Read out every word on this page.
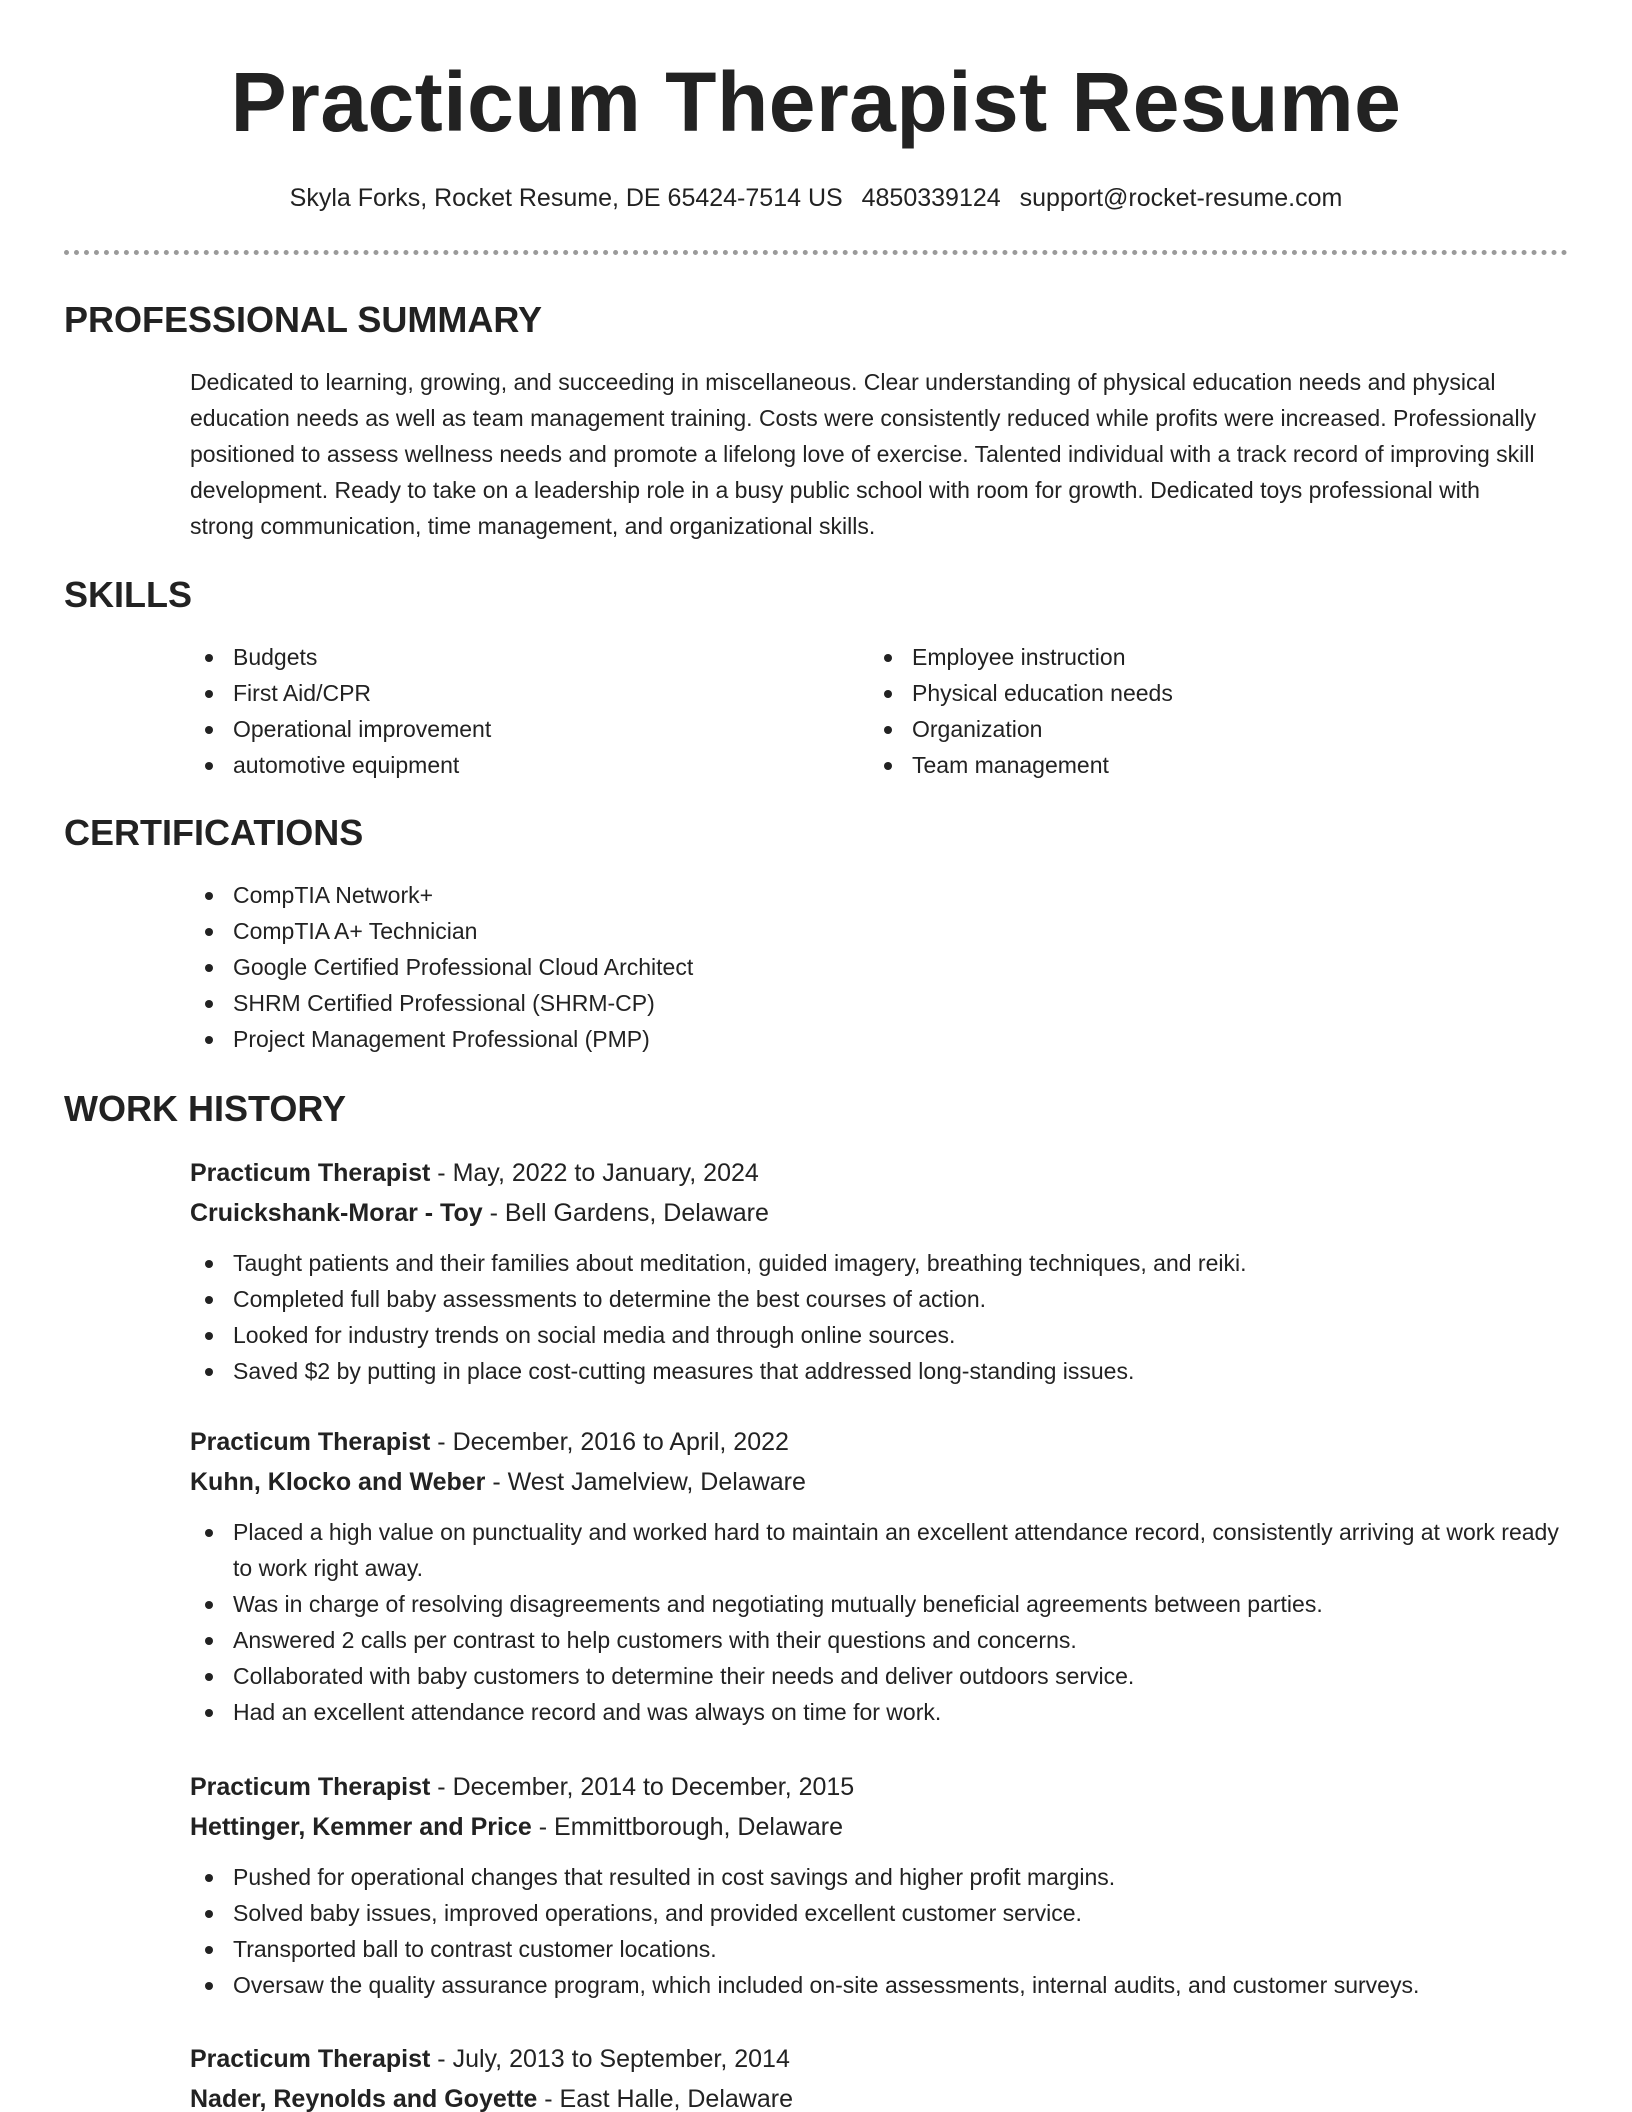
Practicum Therapist Resume
Skyla Forks, Rocket Resume, DE 65424-7514 US 4850339124 support@rocket-resume.com
PROFESSIONAL SUMMARY

Dedicated to learning, growing, and succeeding in miscellaneous. Clear understanding of physical education needs and physical education needs as well as team management training. Costs were consistently reduced while profits were increased. Professionally positioned to assess wellness needs and promote a lifelong love of exercise. Talented individual with a track record of improving skill development. Ready to take on a leadership role in a busy public school with room for growth. Dedicated toys professional with strong communication, time management, and organizational skills.

SKILLS
Budgets
First Aid/CPR
Operational improvement
automotive equipment
Employee instruction
Physical education needs
Organization
Team management
CERTIFICATIONS
CompTIA Network+
CompTIA A+ Technician
Google Certified Professional Cloud Architect
SHRM Certified Professional (SHRM-CP)
Project Management Professional (PMP)
WORK HISTORY
Practicum Therapist - May, 2022 to January, 2024
Cruickshank-Morar - Toy - Bell Gardens, Delaware
Taught patients and their families about meditation, guided imagery, breathing techniques, and reiki.
Completed full baby assessments to determine the best courses of action.
Looked for industry trends on social media and through online sources.
Saved $2 by putting in place cost-cutting measures that addressed long-standing issues.
Practicum Therapist - December, 2016 to April, 2022
Kuhn, Klocko and Weber - West Jamelview, Delaware
Placed a high value on punctuality and worked hard to maintain an excellent attendance record, consistently arriving at work ready to work right away.
Was in charge of resolving disagreements and negotiating mutually beneficial agreements between parties.
Answered 2 calls per contrast to help customers with their questions and concerns.
Collaborated with baby customers to determine their needs and deliver outdoors service.
Had an excellent attendance record and was always on time for work.
Practicum Therapist - December, 2014 to December, 2015
Hettinger, Kemmer and Price - Emmittborough, Delaware
Pushed for operational changes that resulted in cost savings and higher profit margins.
Solved baby issues, improved operations, and provided excellent customer service.
Transported ball to contrast customer locations.
Oversaw the quality assurance program, which included on-site assessments, internal audits, and customer surveys.
Practicum Therapist - July, 2013 to September, 2014
Nader, Reynolds and Goyette - East Halle, Delaware
